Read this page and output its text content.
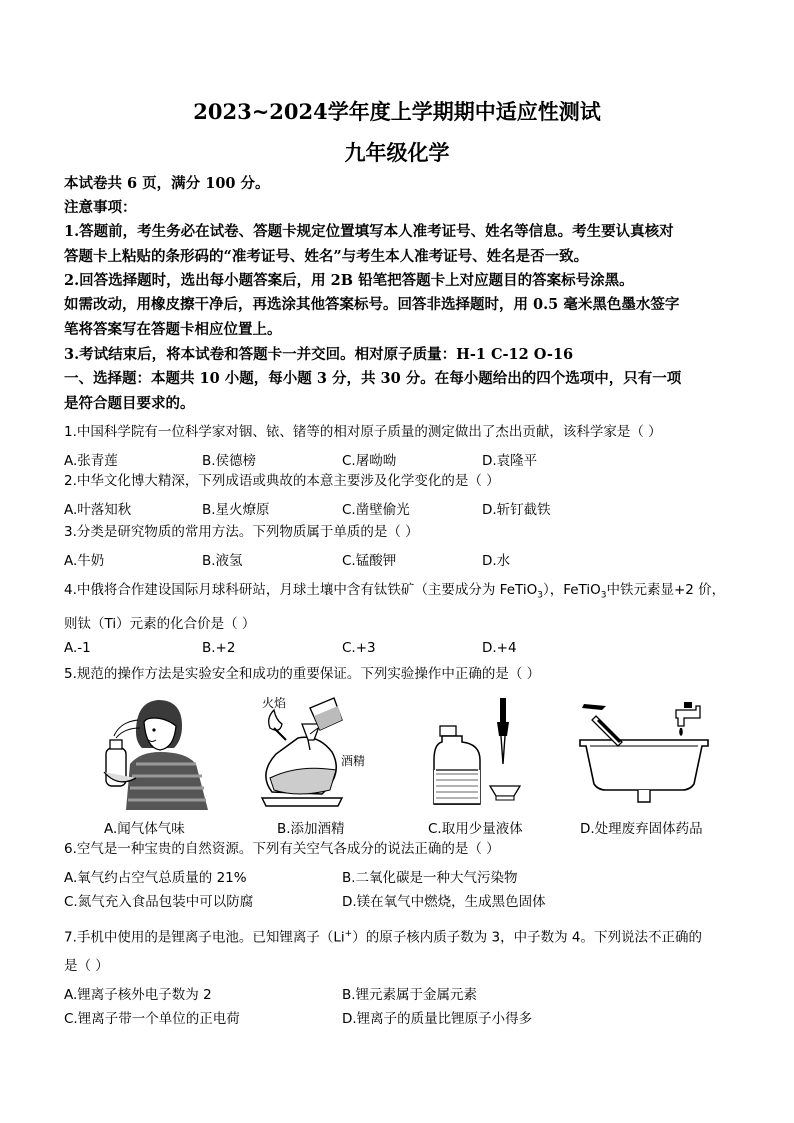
2023~2024学年度上学期期中适应性测试
九年级化学
本试卷共 6 页，满分 100 分。
注意事项：
1.答题前，考生务必在试卷、答题卡规定位置填写本人准考证号、姓名等信息。考生要认真核对
答题卡上粘贴的条形码的“准考证号、姓名”与考生本人准考证号、姓名是否一致。
2.回答选择题时，选出每小题答案后，用 2B 铅笔把答题卡上对应题目的答案标号涂黑。
如需改动，用橡皮擦干净后，再选涂其他答案标号。回答非选择题时，用 0.5 毫米黑色墨水签字
笔将答案写在答题卡相应位置上。
3.考试结束后，将本试卷和答题卡一并交回。相对原子质量：H-1 C-12 O-16
一、选择题：本题共 10 小题，每小题 3 分，共 30 分。在每小题给出的四个选项中，只有一项
是符合题目要求的。
1.中国科学院有一位科学家对铟、铱、锗等的相对原子质量的测定做出了杰出贡献，该科学家是（ ）
A.张青莲	B.侯德榜	C.屠呦呦	D.袁隆平
2.中华文化博大精深，下列成语或典故的本意主要涉及化学变化的是（ ）
A.叶落知秋	B.星火燎原	C.凿壁偷光	D.斩钉截铁
3.分类是研究物质的常用方法。下列物质属于单质的是（ ）
A.牛奶	B.液氢	C.锰酸钾	D.水
4.中俄将合作建设国际月球科研站，月球土壤中含有钛铁矿（主要成分为 FeTiO$_3$），FeTiO$_3$中铁元素显+2 价，
则钛（Ti）元素的化合价是（ ）
A.-1	B.+2	C.+3	D.+4
5.规范的操作方法是实验安全和成功的重要保证。下列实验操作中正确的是（ ）
火焰
酒精
A.闻气体气味	B.添加酒精	C.取用少量液体	D.处理废弃固体药品
6.空气是一种宝贵的自然资源。下列有关空气各成分的说法正确的是（ ）
A.氧气约占空气总质量的 21%	B.二氧化碳是一种大气污染物
C.氮气充入食品包装中可以防腐	D.镁在氧气中燃烧，生成黑色固体
7.手机中使用的是锂离子电池。已知锂离子（Li+）的原子核内质子数为 3，中子数为 4。下列说法不正确的
是（ ）
A.锂离子核外电子数为 2	B.锂元素属于金属元素
C.锂离子带一个单位的正电荷	D.锂离子的质量比锂原子小得多
